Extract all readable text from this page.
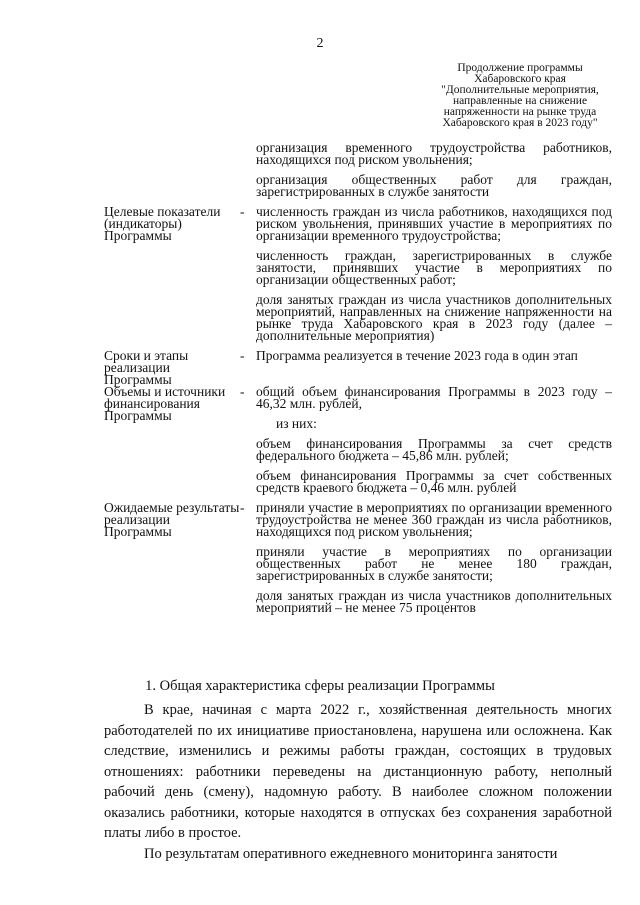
2
Продолжение программы
Хабаровского края
"Дополнительные мероприятия,
направленные на снижение
напряженности на рынке труда
Хабаровского края в 2023 году"
организация временного трудоустройства работников, находящихся под риском увольнения;
организация общественных работ для граждан, зарегистрированных в службе занятости
Целевые показатели (индикаторы) Программы
- численность граждан из числа работников, находящихся под риском увольнения, принявших участие в мероприятиях по организации временного трудоустройства;
численность граждан, зарегистрированных в службе занятости, принявших участие в мероприятиях по организации общественных работ;
доля занятых граждан из числа участников дополнительных мероприятий, направленных на снижение напряженности на рынке труда Хабаровского края в 2023 году (далее – дополнительные мероприятия)
Сроки и этапы реализации Программы
- Программа реализуется в течение 2023 года в один этап
Объемы и источники финансирования Программы
- общий объем финансирования Программы в 2023 году – 46,32 млн. рублей,
из них:
объем финансирования Программы за счет средств федерального бюджета – 45,86 млн. рублей;
объем финансирования Программы за счет собственных средств краевого бюджета – 0,46 млн. рублей
Ожидаемые результаты реализации Программы
- приняли участие в мероприятиях по организации временного трудоустройства не менее 360 граждан из числа работников, находящихся под риском увольнения;
приняли участие в мероприятиях по организации общественных работ не менее 180 граждан, зарегистрированных в службе занятости;
доля занятых граждан из числа участников дополнительных мероприятий – не менее 75 процентов
1. Общая характеристика сферы реализации Программы

В крае, начиная с марта 2022 г., хозяйственная деятельность многих работодателей по их инициативе приостановлена, нарушена или осложнена. Как следствие, изменились и режимы работы граждан, состоящих в трудовых отношениях: работники переведены на дистанционную работу, неполный рабочий день (смену), надомную работу. В наиболее сложном положении оказались работники, которые находятся в отпусках без сохранения заработной платы либо в простое.

По результатам оперативного ежедневного мониторинга занятости
